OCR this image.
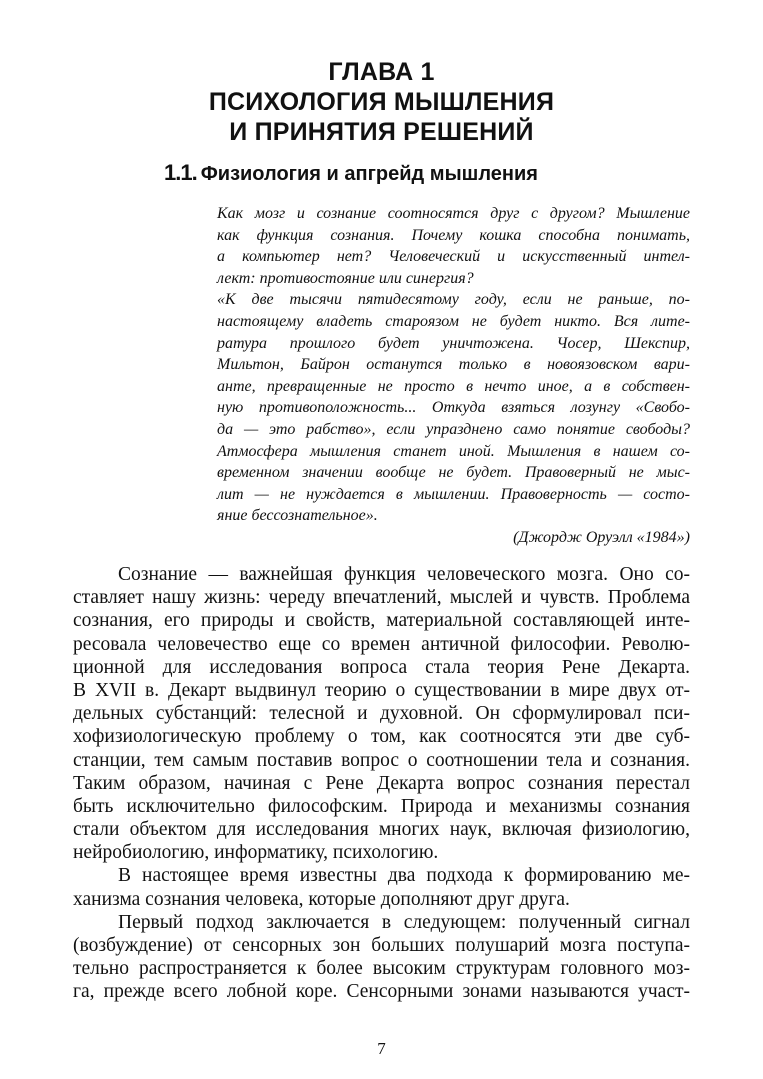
ГЛАВА 1
ПСИХОЛОГИЯ МЫШЛЕНИЯ
И ПРИНЯТИЯ РЕШЕНИЙ
1.1. Физиология и апгрейд мышления
Как мозг и сознание соотносятся друг с другом? Мышление
как функция сознания. Почему кошка способна понимать,
а компьютер нет? Человеческий и искусственный интел-
лект: противостояние или синергия?
«К две тысячи пятидесятому году, если не раньше, по-
настоящему владеть староязом не будет никто. Вся лите-
ратура прошлого будет уничтожена. Чосер, Шекспир,
Мильтон, Байрон останутся только в новоязовском вари-
анте, превращенные не просто в нечто иное, а в собствен-
ную противоположность... Откуда взяться лозунгу «Свобо-
да — это рабство», если упразднено само понятие свободы?
Атмосфера мышления станет иной. Мышления в нашем со-
временном значении вообще не будет. Правоверный не мыс-
лит — не нуждается в мышлении. Правоверность — состо-
яние бессознательное».
(Джордж Оруэлл «1984»)
Сознание — важнейшая функция человеческого мозга. Оно со-
ставляет нашу жизнь: череду впечатлений, мыслей и чувств. Проблема
сознания, его природы и свойств, материальной составляющей инте-
ресовала человечество еще со времен античной философии. Револю-
ционной для исследования вопроса стала теория Рене Декарта.
В XVII в. Декарт выдвинул теорию о существовании в мире двух от-
дельных субстанций: телесной и духовной. Он сформулировал пси-
хофизиологическую проблему о том, как соотносятся эти две суб-
станции, тем самым поставив вопрос о соотношении тела и сознания.
Таким образом, начиная с Рене Декарта вопрос сознания перестал
быть исключительно философским. Природа и механизмы сознания
стали объектом для исследования многих наук, включая физиологию,
нейробиологию, информатику, психологию.
В настоящее время известны два подхода к формированию ме-
ханизма сознания человека, которые дополняют друг друга.
Первый подход заключается в следующем: полученный сигнал
(возбуждение) от сенсорных зон больших полушарий мозга поступа-
тельно распространяется к более высоким структурам головного моз-
га, прежде всего лобной коре. Сенсорными зонами называются участ-
7
